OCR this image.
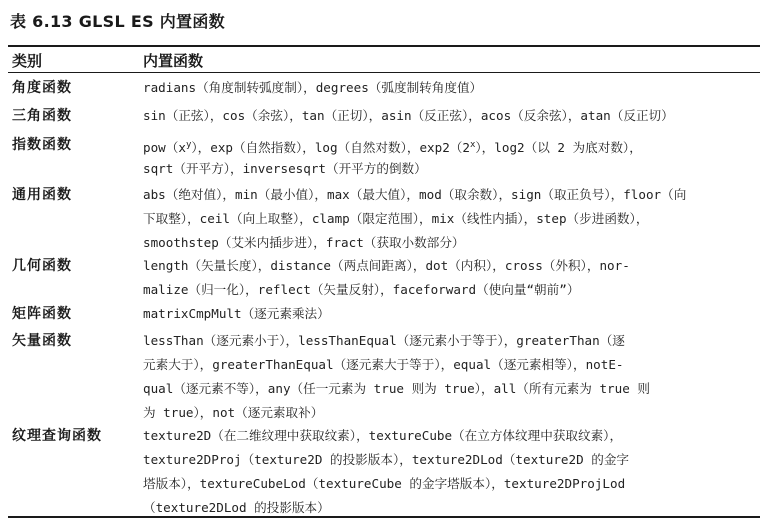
表 6.13 GLSL ES 内置函数
类别	内置函数
角度函数	radians（角度制转弧度制），degrees（弧度制转角度值）
三角函数	sin（正弦），cos（余弦），tan（正切），asin（反正弦），acos（反余弦），atan（反正切）
指数函数	$pow(x^y)$，exp（自然指数），log（自然对数），exp2（2$^x$），log2（以 2 为底对数），
sqrt（开平方），inversesqrt（开平方的倒数）
通用函数	abs（绝对值），min（最小值），max（最大值），mod（取余数），sign（取正负号），floor（向
下取整），ceil（向上取整），clamp（限定范围），mix（线性内插），step（步进函数），
smoothstep（艾米内插步进），fract（获取小数部分）
几何函数	length（矢量长度），distance（两点间距离），dot（内积），cross（外积），nor-
malize（归一化），reflect（矢量反射），faceforward（使向量“朝前”）
矩阵函数	matrixCmpMult（逐元素乘法）
矢量函数	lessThan（逐元素小于），lessThanEqual（逐元素小于等于），greaterThan（逐
元素大于），greaterThanEqual（逐元素大于等于），equal（逐元素相等），notE-
qual（逐元素不等），any（任一元素为 true 则为 true），all（所有元素为 true 则
为 true），not（逐元素取补）
纹理查询函数	texture2D（在二维纹理中获取纹素），textureCube（在立方体纹理中获取纹素），
texture2DProj（texture2D 的投影版本），texture2DLod（texture2D 的金字
塔版本），textureCubeLod（textureCube 的金字塔版本），texture2DProjLod
（texture2DLod 的投影版本）
